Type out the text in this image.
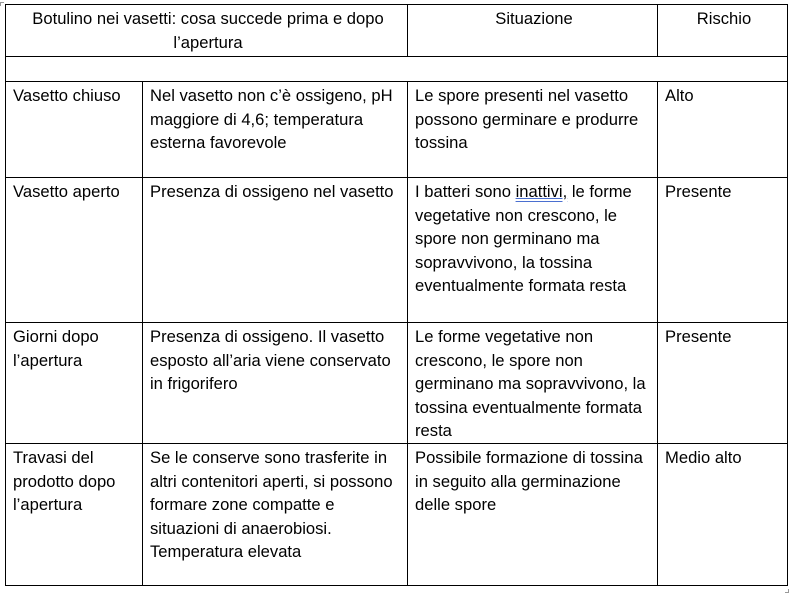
Botulino nei vasetti: cosa succede prima e dopo l’apertura		Situazione	Rischio

Vasetto chiuso	Nel vasetto non c’è ossigeno, pH maggiore di 4,6; temperatura esterna favorevole	Le spore presenti nel vasetto possono germinare e produrre tossina	Alto
Vasetto aperto	Presenza di ossigeno nel vasetto	I batteri sono inattivi, le forme vegetative non crescono, le spore non germinano ma sopravvivono, la tossina eventualmente formata resta	Presente
Giorni dopo l’apertura	Presenza di ossigeno. Il vasetto esposto all’aria viene conservato in frigorifero	Le forme vegetative non crescono, le spore non germinano ma sopravvivono, la tossina eventualmente formata resta	Presente
Travasi del prodotto dopo l’apertura	Se le conserve sono trasferite in altri contenitori aperti, si possono formare zone compatte e situazioni di anaerobiosi. Temperatura elevata	Possibile formazione di tossina in seguito alla germinazione delle spore	Medio alto
